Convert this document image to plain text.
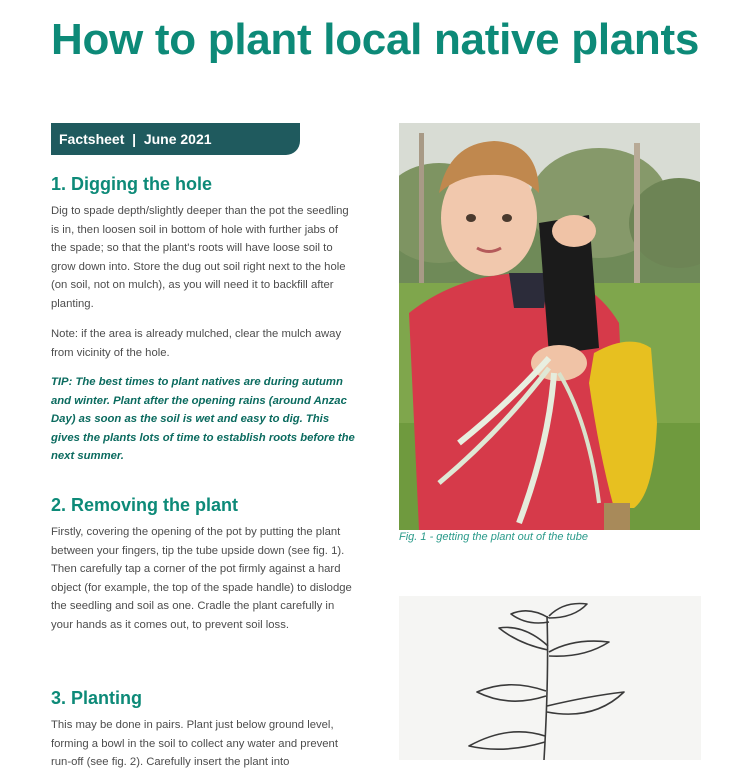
How to plant local native plants
Factsheet  |  June 2021
1. Digging the hole

Dig to spade depth/slightly deeper than the pot the seedling is in, then loosen soil in bottom of hole with further jabs of the spade; so that the plant's roots will have loose soil to grow down into. Store the dug out soil right next to the hole (on soil, not on mulch), as you will need it to backfill after planting.

Note: if the area is already mulched, clear the mulch away from vicinity of the hole.

TIP: The best times to plant natives are during autumn and winter. Plant after the opening rains (around Anzac Day) as soon as the soil is wet and easy to dig. This gives the plants lots of time to establish roots before the next summer.

2. Removing the plant

Firstly, covering the opening of the pot by putting the plant between your fingers, tip the tube upside down (see fig. 1). Then carefully tap a corner of the pot firmly against a hard object (for example, the top of the spade handle) to dislodge the seedling and soil as one. Cradle the plant carefully in your hands as it comes out, to prevent soil loss.

3. Planting

This may be done in pairs. Plant just below ground level, forming a bowl in the soil to collect any water and prevent run-off (see fig. 2). Carefully insert the plant into

Fig. 1 - getting the plant out of the tube
